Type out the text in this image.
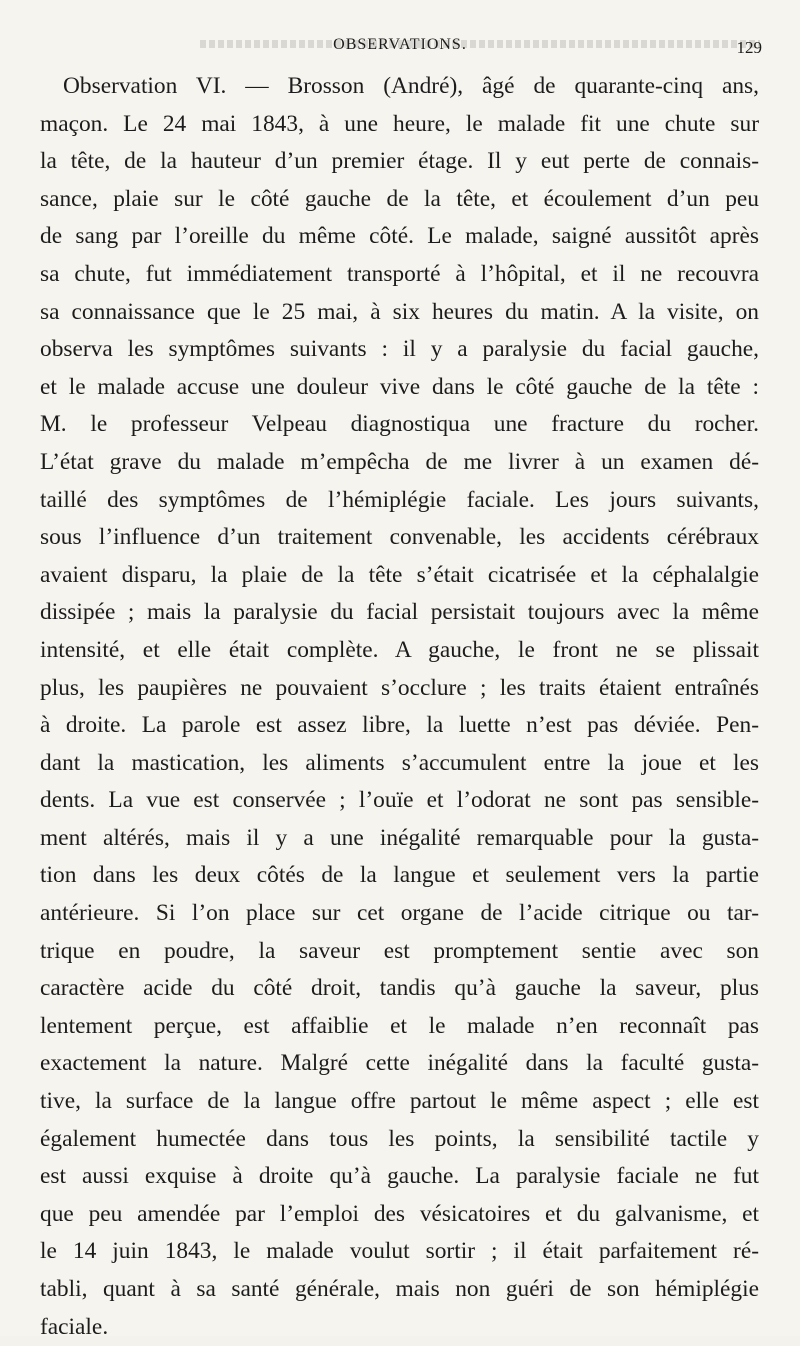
OBSERVATIONS.	129
Observation VI. — Brosson (André), âgé de quarante-cinq ans,
maçon. Le 24 mai 1843, à une heure, le malade fit une chute sur
la tête, de la hauteur d’un premier étage. Il y eut perte de connais-
sance, plaie sur le côté gauche de la tête, et écoulement d’un peu
de sang par l’oreille du même côté. Le malade, saigné aussitôt après
sa chute, fut immédiatement transporté à l’hôpital, et il ne recouvra
sa connaissance que le 25 mai, à six heures du matin. A la visite, on
observa les symptômes suivants : il y a paralysie du facial gauche,
et le malade accuse une douleur vive dans le côté gauche de la tête :
M. le professeur Velpeau diagnostiqua une fracture du rocher.
L’état grave du malade m’empêcha de me livrer à un examen dé-
taillé des symptômes de l’hémiplégie faciale. Les jours suivants,
sous l’influence d’un traitement convenable, les accidents cérébraux
avaient disparu, la plaie de la tête s’était cicatrisée et la céphalalgie
dissipée ; mais la paralysie du facial persistait toujours avec la même
intensité, et elle était complète. A gauche, le front ne se plissait
plus, les paupières ne pouvaient s’occlure ; les traits étaient entraînés
à droite. La parole est assez libre, la luette n’est pas déviée. Pen-
dant la mastication, les aliments s’accumulent entre la joue et les
dents. La vue est conservée ; l’ouïe et l’odorat ne sont pas sensible-
ment altérés, mais il y a une inégalité remarquable pour la gusta-
tion dans les deux côtés de la langue et seulement vers la partie
antérieure. Si l’on place sur cet organe de l’acide citrique ou tar-
trique en poudre, la saveur est promptement sentie avec son
caractère acide du côté droit, tandis qu’à gauche la saveur, plus
lentement perçue, est affaiblie et le malade n’en reconnaît pas
exactement la nature. Malgré cette inégalité dans la faculté gusta-
tive, la surface de la langue offre partout le même aspect ; elle est
également humectée dans tous les points, la sensibilité tactile y
est aussi exquise à droite qu’à gauche. La paralysie faciale ne fut
que peu amendée par l’emploi des vésicatoires et du galvanisme, et
le 14 juin 1843, le malade voulut sortir ; il était parfaitement ré-
tabli, quant à sa santé générale, mais non guéri de son hémiplégie
faciale.
